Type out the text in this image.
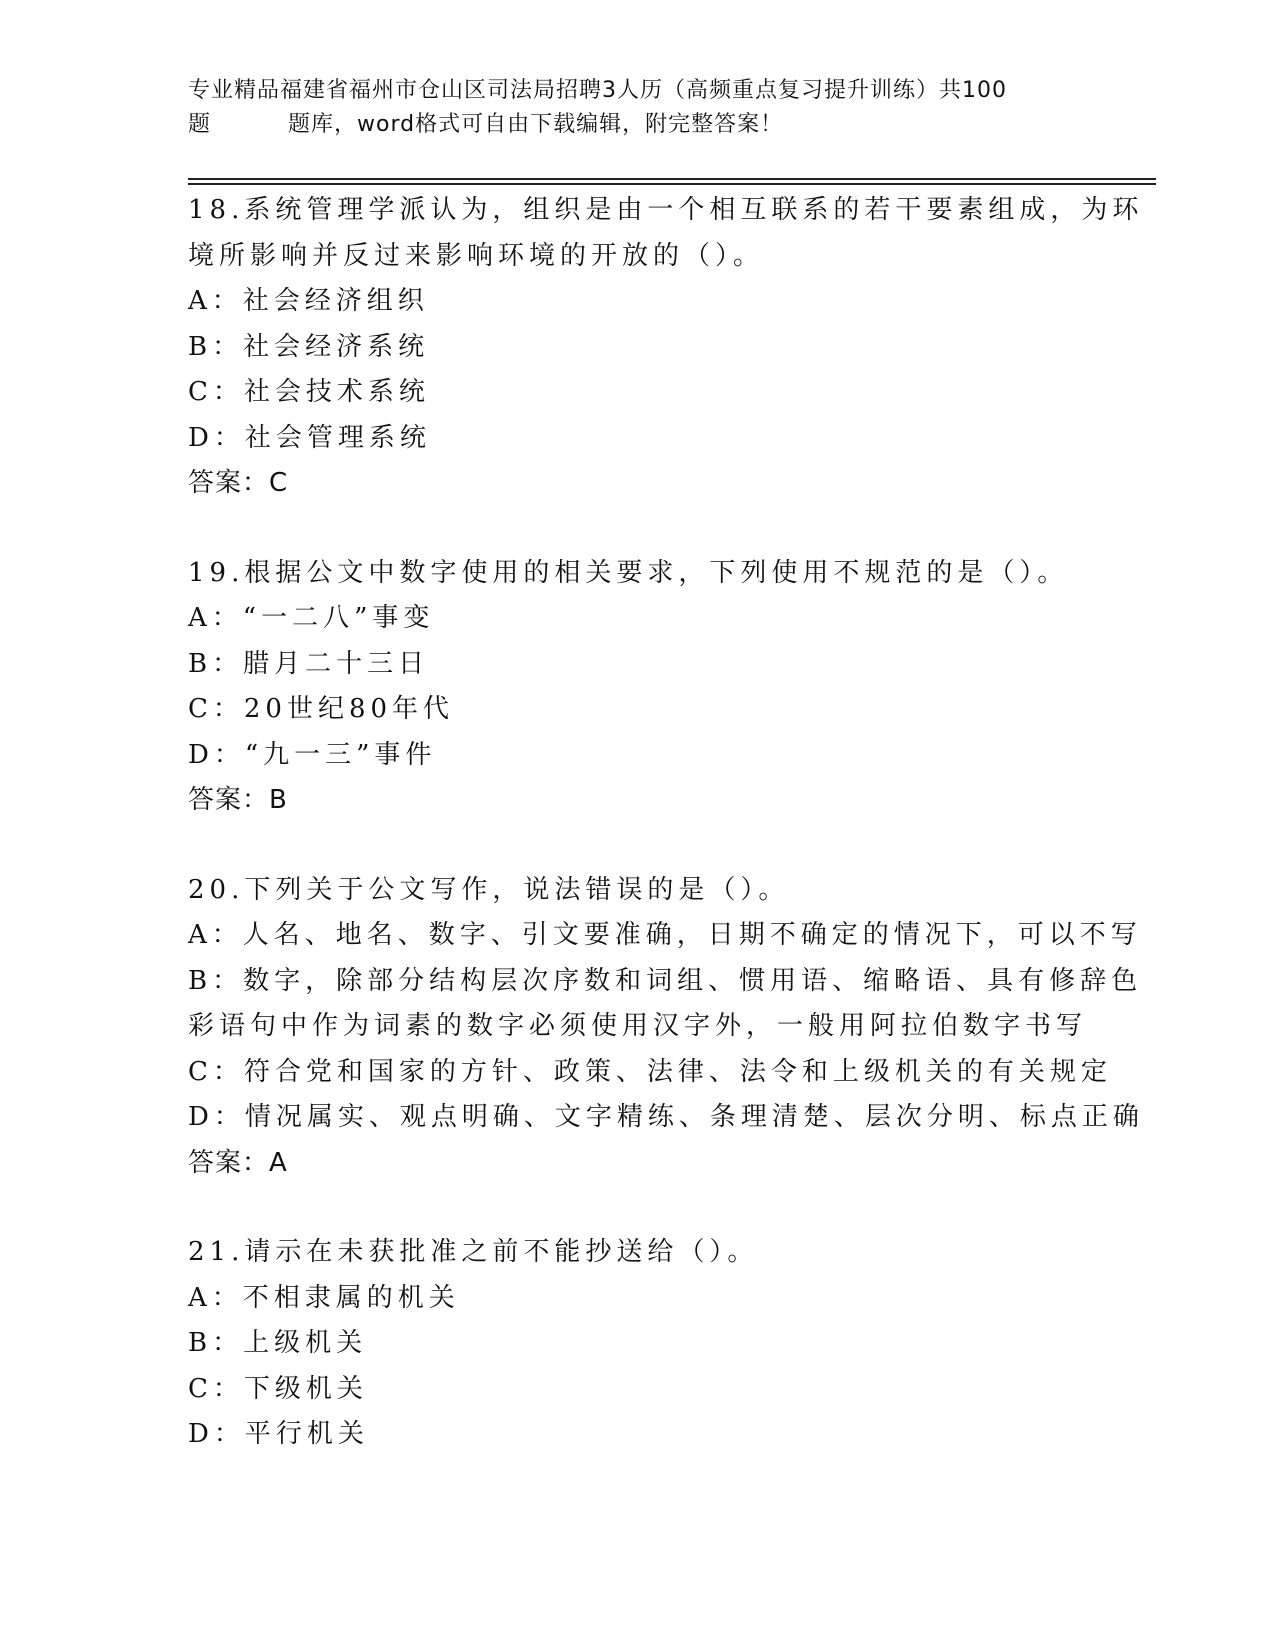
专业精品福建省福州市仓山区司法局招聘3人历（高频重点复习提升训练）共100
题	题库，word格式可自由下载编辑，附完整答案！
18.系统管理学派认为，组织是由一个相互联系的若干要素组成，为环
境所影响并反过来影响环境的开放的（）。
A：社会经济组织
B：社会经济系统
C：社会技术系统
D：社会管理系统
答案：C
19.根据公文中数字使用的相关要求，下列使用不规范的是（）。
A：“一二八”事变
B：腊月二十三日
C：20世纪80年代
D：“九一三”事件
答案：B
20.下列关于公文写作，说法错误的是（）。
A：人名、地名、数字、引文要准确，日期不确定的情况下，可以不写
B：数字，除部分结构层次序数和词组、惯用语、缩略语、具有修辞色
彩语句中作为词素的数字必须使用汉字外，一般用阿拉伯数字书写
C：符合党和国家的方针、政策、法律、法令和上级机关的有关规定
D：情况属实、观点明确、文字精练、条理清楚、层次分明、标点正确
答案：A
21.请示在未获批准之前不能抄送给（）。
A：不相隶属的机关
B：上级机关
C：下级机关
D：平行机关
